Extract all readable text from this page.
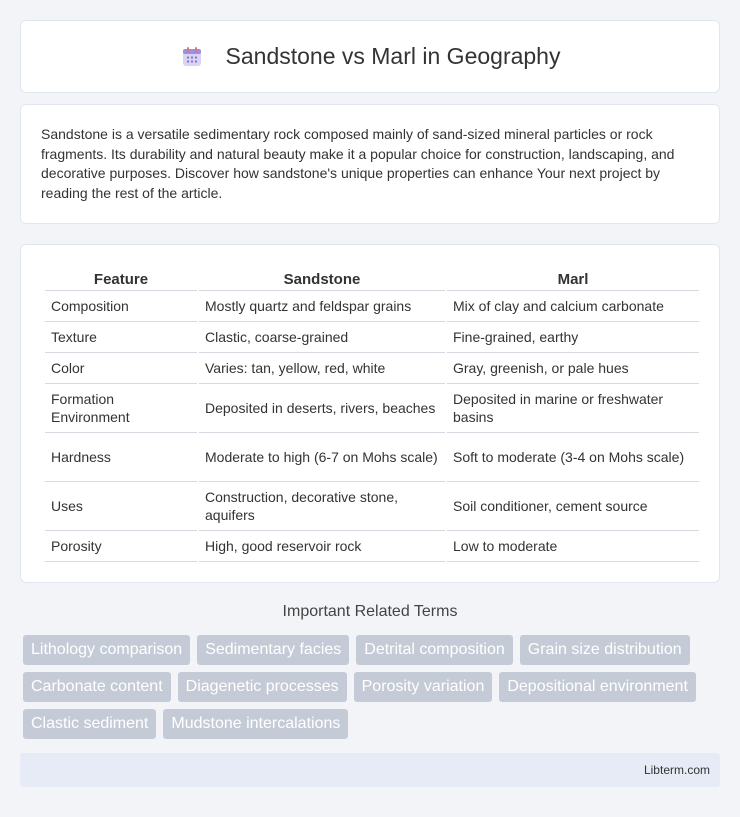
Sandstone vs Marl in Geography

Sandstone is a versatile sedimentary rock composed mainly of sand-sized mineral particles or rock fragments. Its durability and natural beauty make it a popular choice for construction, landscaping, and decorative purposes. Discover how sandstone's unique properties can enhance Your next project by reading the rest of the article.

Feature	Sandstone	Marl
Composition	Mostly quartz and feldspar grains	Mix of clay and calcium carbonate
Texture	Clastic, coarse-grained	Fine-grained, earthy
Color	Varies: tan, yellow, red, white	Gray, greenish, or pale hues
Formation Environment	Deposited in deserts, rivers, beaches	Deposited in marine or freshwater basins
Hardness	Moderate to high (6-7 on Mohs scale)	Soft to moderate (3-4 on Mohs scale)
Uses	Construction, decorative stone, aquifers	Soil conditioner, cement source
Porosity	High, good reservoir rock	Low to moderate
Important Related Terms
Lithology comparison	Sedimentary facies	Detrital composition	Grain size distribution
Carbonate content	Diagenetic processes	Porosity variation	Depositional environment
Clastic sediment	Mudstone intercalations
Libterm.com
